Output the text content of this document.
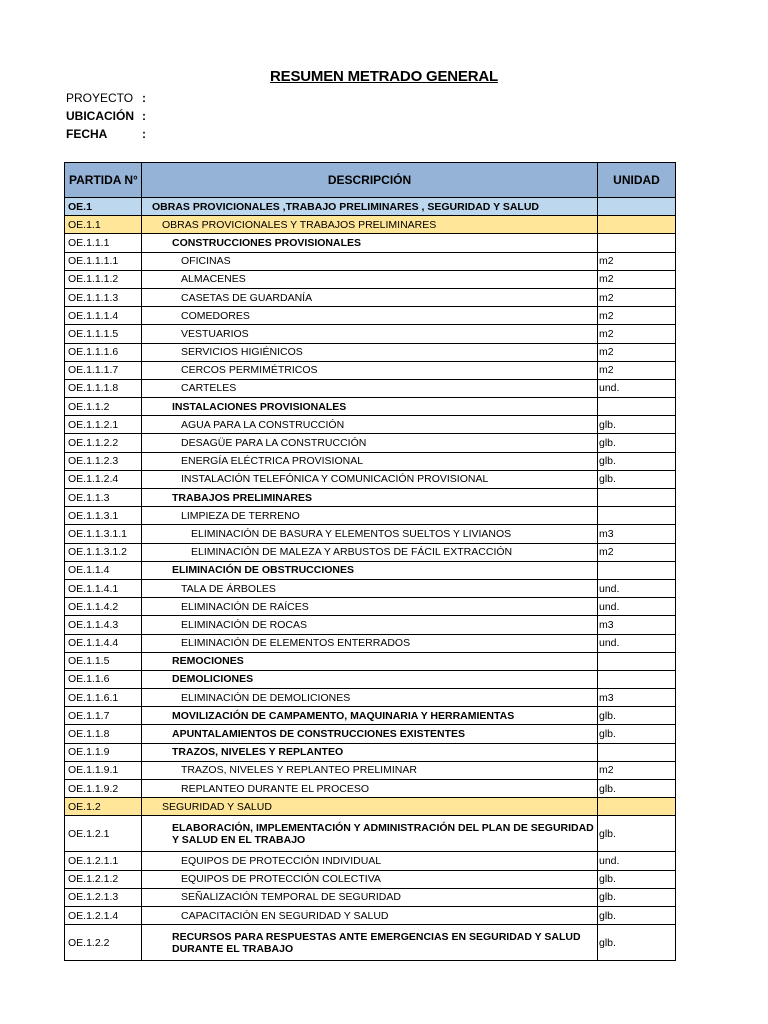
RESUMEN METRADO GENERAL
PROYECTO :
UBICACIÓN :
FECHA	:
PARTIDA N°	DESCRIPCIÓN	UNIDAD
OE.1	OBRAS PROVICIONALES ,TRABAJO PRELIMINARES , SEGURIDAD Y SALUD	
OE.1.1	OBRAS PROVICIONALES Y TRABAJOS PRELIMINARES	
OE.1.1.1	CONSTRUCCIONES PROVISIONALES	
OE.1.1.1.1	OFICINAS	m2
OE.1.1.1.2	ALMACENES	m2
OE.1.1.1.3	CASETAS DE GUARDANÍA	m2
OE.1.1.1.4	COMEDORES	m2
OE.1.1.1.5	VESTUARIOS	m2
OE.1.1.1.6	SERVICIOS HIGIÉNICOS	m2
OE.1.1.1.7	CERCOS PERMIMÉTRICOS	m2
OE.1.1.1.8	CARTELES	und.
OE.1.1.2	INSTALACIONES PROVISIONALES	
OE.1.1.2.1	AGUA PARA LA CONSTRUCCIÓN	glb.
OE.1.1.2.2	DESAGÜE PARA LA CONSTRUCCIÓN	glb.
OE.1.1.2.3	ENERGÍA ELÉCTRICA PROVISIONAL	glb.
OE.1.1.2.4	INSTALACIÓN TELEFÓNICA Y COMUNICACIÓN PROVISIONAL	glb.
OE.1.1.3	TRABAJOS PRELIMINARES	
OE.1.1.3.1	LIMPIEZA DE TERRENO	
OE.1.1.3.1.1	ELIMINACIÓN DE BASURA Y ELEMENTOS SUELTOS Y LIVIANOS	m3
OE.1.1.3.1.2	ELIMINACIÓN DE MALEZA Y ARBUSTOS DE FÁCIL EXTRACCIÓN	m2
OE.1.1.4	ELIMINACIÓN DE OBSTRUCCIONES	
OE.1.1.4.1	TALA DE ÁRBOLES	und.
OE.1.1.4.2	ELIMINACIÓN DE RAÍCES	und.
OE.1.1.4.3	ELIMINACIÓN DE ROCAS	m3
OE.1.1.4.4	ELIMINACIÓN DE ELEMENTOS ENTERRADOS	und.
OE.1.1.5	REMOCIONES	
OE.1.1.6	DEMOLICIONES	
OE.1.1.6.1	ELIMINACIÓN DE DEMOLICIONES	m3
OE.1.1.7	MOVILIZACIÓN DE CAMPAMENTO, MAQUINARIA Y HERRAMIENTAS	glb.
OE.1.1.8	APUNTALAMIENTOS DE CONSTRUCCIONES EXISTENTES	glb.
OE.1.1.9	TRAZOS, NIVELES Y REPLANTEO	
OE.1.1.9.1	TRAZOS, NIVELES Y REPLANTEO PRELIMINAR	m2
OE.1.1.9.2	REPLANTEO DURANTE EL PROCESO	glb.
OE.1.2	SEGURIDAD Y SALUD	
OE.1.2.1	ELABORACIÓN, IMPLEMENTACIÓN Y ADMINISTRACIÓN DEL PLAN DE SEGURIDAD Y SALUD EN EL TRABAJO	glb.
OE.1.2.1.1	EQUIPOS DE PROTECCIÓN INDIVIDUAL	und.
OE.1.2.1.2	EQUIPOS DE PROTECCIÓN COLECTIVA	glb.
OE.1.2.1.3	SEÑALIZACIÓN TEMPORAL DE SEGURIDAD	glb.
OE.1.2.1.4	CAPACITACIÓN EN SEGURIDAD Y SALUD	glb.
OE.1.2.2	RECURSOS PARA RESPUESTAS ANTE EMERGENCIAS EN SEGURIDAD Y SALUD DURANTE EL TRABAJO	glb.
